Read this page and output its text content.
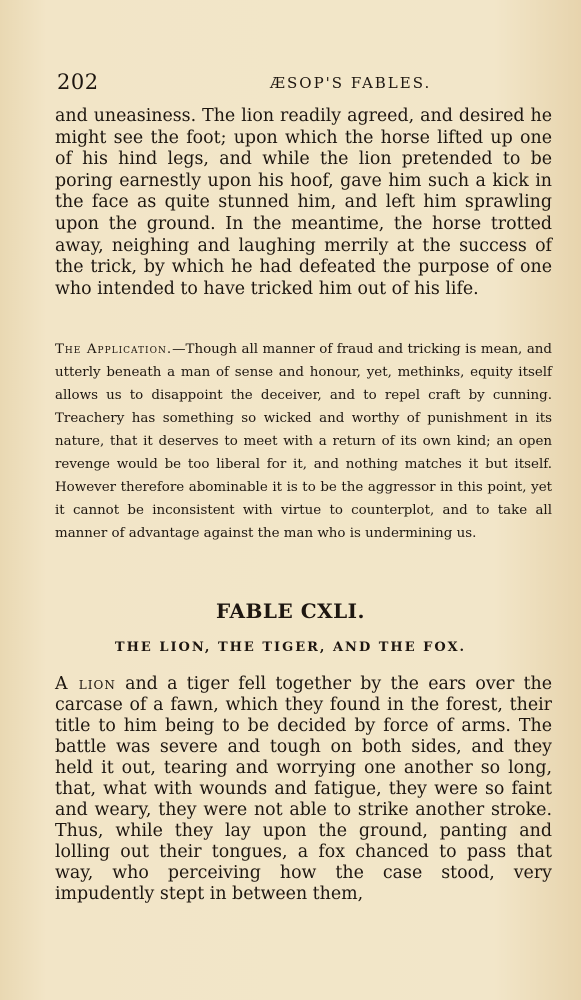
202	ÆSOP'S FABLES.

and uneasiness. The lion readily agreed, and desired he might see the foot; upon which the horse lifted up one of his hind legs, and while the lion pretended to be poring earnestly upon his hoof, gave him such a kick in the face as quite stunned him, and left him sprawling upon the ground. In the meantime, the horse trotted away, neighing and laughing merrily at the success of the trick, by which he had defeated the purpose of one who intended to have tricked him out of his life.

The Application.—Though all manner of fraud and tricking is mean, and utterly beneath a man of sense and honour, yet, methinks, equity itself allows us to disappoint the deceiver, and to repel craft by cunning. Treachery has something so wicked and worthy of punishment in its nature, that it deserves to meet with a return of its own kind; an open revenge would be too liberal for it, and nothing matches it but itself. However therefore abominable it is to be the aggressor in this point, yet it cannot be inconsistent with virtue to counterplot, and to take all manner of advantage against the man who is undermining us.

FABLE CXLI.
THE LION, THE TIGER, AND THE FOX.

A lion and a tiger fell together by the ears over the carcase of a fawn, which they found in the forest, their title to him being to be decided by force of arms. The battle was severe and tough on both sides, and they held it out, tearing and worrying one another so long, that, what with wounds and fatigue, they were so faint and weary, they were not able to strike another stroke. Thus, while they lay upon the ground, panting and lolling out their tongues, a fox chanced to pass that way, who perceiving how the case stood, very impudently stept in between them,
